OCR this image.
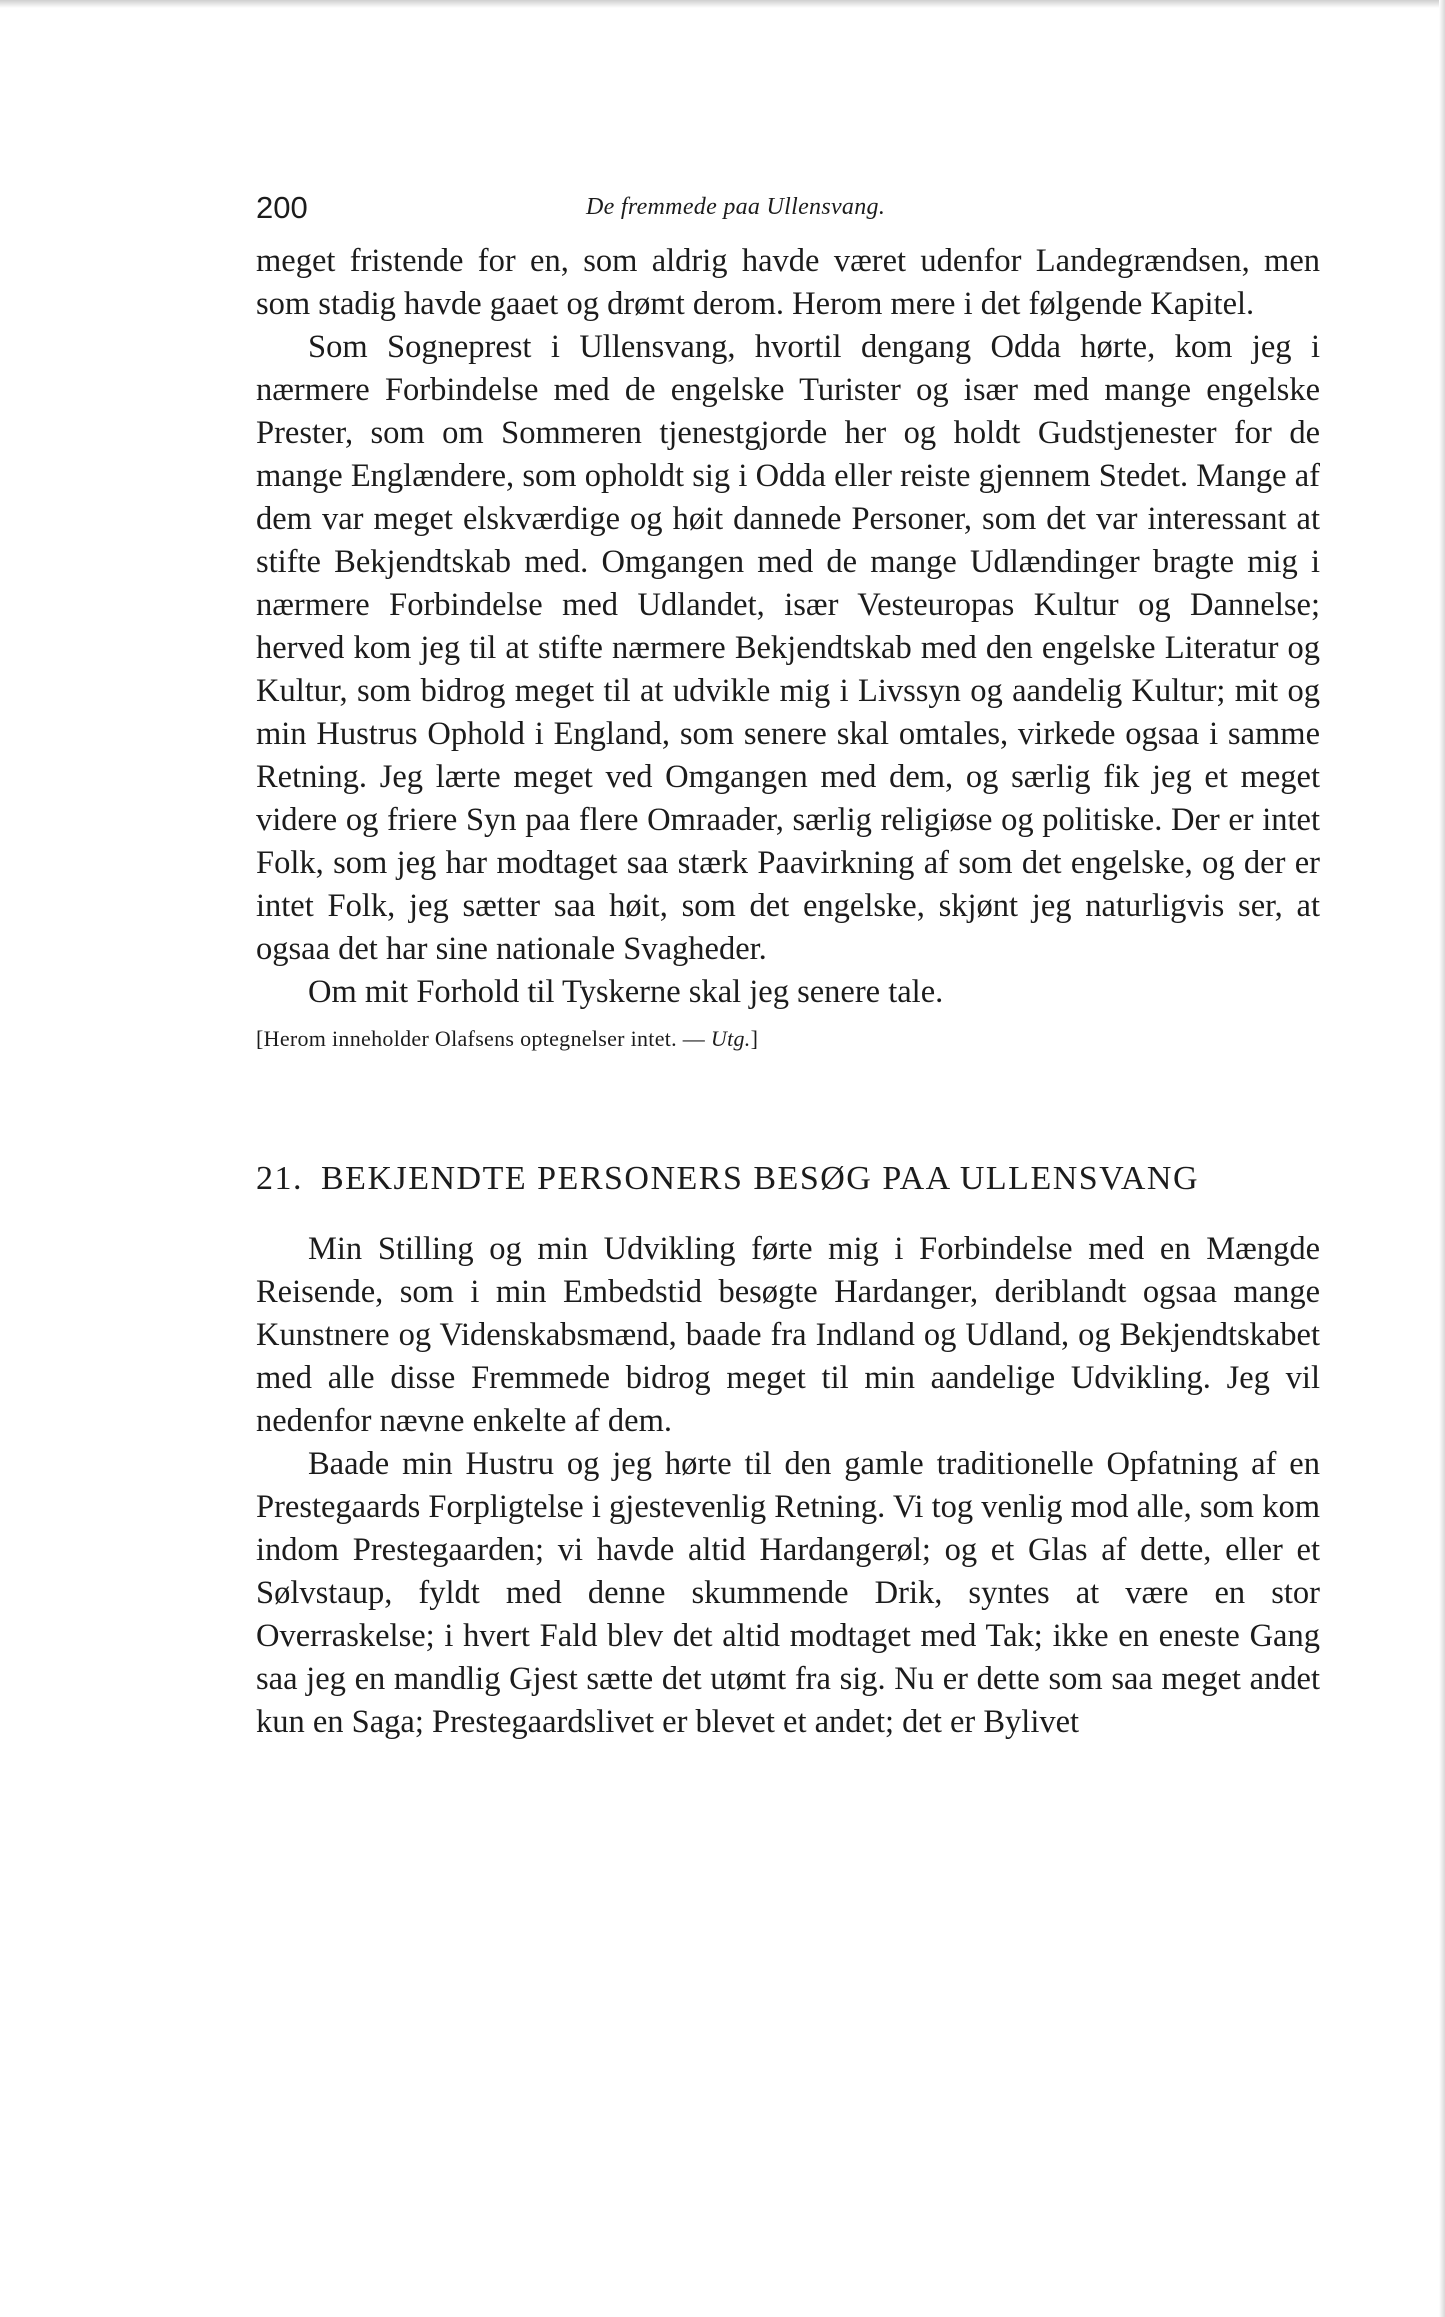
200	De fremmede paa Ullensvang.

meget fristende for en, som aldrig havde været udenfor Landegrændsen, men som stadig havde gaaet og drømt derom. Herom mere i det følgende Kapitel.

Som Sogneprest i Ullensvang, hvortil dengang Odda hørte, kom jeg i nærmere Forbindelse med de engelske Turister og især med mange engelske Prester, som om Sommeren tjenestgjorde her og holdt Gudstjenester for de mange Englændere, som opholdt sig i Odda eller reiste gjennem Stedet. Mange af dem var meget elskværdige og høit dannede Personer, som det var interessant at stifte Bekjendtskab med. Omgangen med de mange Udlændinger bragte mig i nærmere Forbindelse med Udlandet, især Vesteuropas Kultur og Dannelse; herved kom jeg til at stifte nærmere Bekjendtskab med den engelske Literatur og Kultur, som bidrog meget til at udvikle mig i Livssyn og aandelig Kultur; mit og min Hustrus Ophold i England, som senere skal omtales, virkede ogsaa i samme Retning. Jeg lærte meget ved Omgangen med dem, og særlig fik jeg et meget videre og friere Syn paa flere Omraader, særlig religiøse og politiske. Der er intet Folk, som jeg har modtaget saa stærk Paavirkning af som det engelske, og der er intet Folk, jeg sætter saa høit, som det engelske, skjønt jeg naturligvis ser, at ogsaa det har sine nationale Svagheder.

Om mit Forhold til Tyskerne skal jeg senere tale.

[Herom inneholder Olafsens optegnelser intet. — Utg.]

21. BEKJENDTE PERSONERS BESØG PAA ULLENSVANG

Min Stilling og min Udvikling førte mig i Forbindelse med en Mængde Reisende, som i min Embedstid besøgte Hardanger, deriblandt ogsaa mange Kunstnere og Videnskabsmænd, baade fra Indland og Udland, og Bekjendtskabet med alle disse Fremmede bidrog meget til min aandelige Udvikling. Jeg vil nedenfor nævne enkelte af dem.

Baade min Hustru og jeg hørte til den gamle traditionelle Opfatning af en Prestegaards Forpligtelse i gjestevenlig Retning. Vi tog venlig mod alle, som kom indom Prestegaarden; vi havde altid Hardangerøl; og et Glas af dette, eller et Sølvstaup, fyldt med denne skummende Drik, syntes at være en stor Overraskelse; i hvert Fald blev det altid modtaget med Tak; ikke en eneste Gang saa jeg en mandlig Gjest sætte det utømt fra sig. Nu er dette som saa meget andet kun en Saga; Prestegaardslivet er blevet et andet; det er Bylivet
